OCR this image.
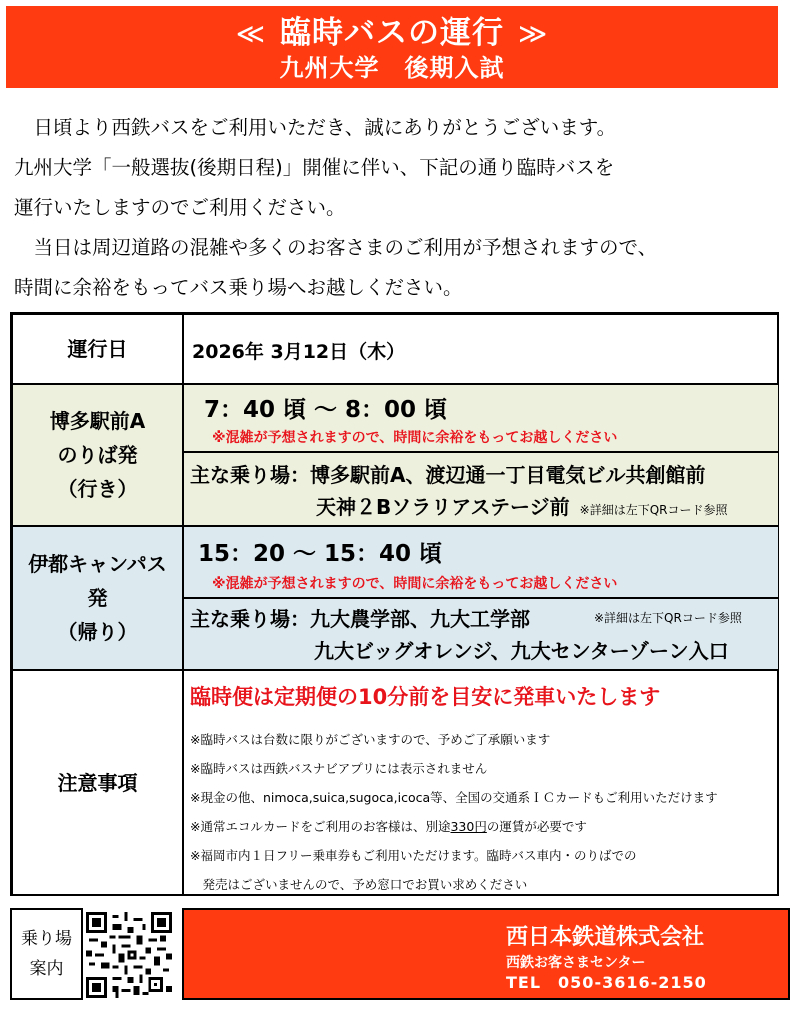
≪ 臨時バスの運行 ≫
九州大学　後期入試

　日頃より西鉄バスをご利用いただき、誠にありがとうございます。

九州大学「一般選抜(後期日程)」開催に伴い、下記の通り臨時バスを

運行いたしますのでご利用ください。

　当日は周辺道路の混雑や多くのお客さまのご利用が予想されますので、

時間に余裕をもってバス乗り場へお越しください。

運行日	2026年 3月12日（木）
博多駅前A
のりば発
（行き）
7：40 頃 ～ 8：00 頃
※混雑が予想されますので、時間に余裕をもってお越しください
主な乗り場：博多駅前A、渡辺通一丁目電気ビル共創館前
天神２Bソラリアステージ前 ※詳細は左下QRコード参照
伊都キャンパス
発
（帰り）
15：20 ～ 15：40 頃
※混雑が予想されますので、時間に余裕をもってお越しください
主な乗り場：九大農学部、九大工学部	※詳細は左下QRコード参照
九大ビッグオレンジ、九大センターゾーン入口
注意事項
臨時便は定期便の10分前を目安に発車いたします
※臨時バスは台数に限りがございますので、予めご了承願います
※臨時バスは西鉄バスナビアプリには表示されません
※現金の他、nimoca,suica,sugoca,icoca等、全国の交通系ＩＣカードもご利用いただけます
※通常エコルカードをご利用のお客様は、別途330円の運賃が必要です
※福岡市内１日フリー乗車券もご利用いただけます。臨時バス車内・のりばでの
　発売はございませんので、予め窓口でお買い求めください
乗り場
案内
西日本鉄道株式会社
西鉄お客さまセンター
TEL　050-3616-2150
